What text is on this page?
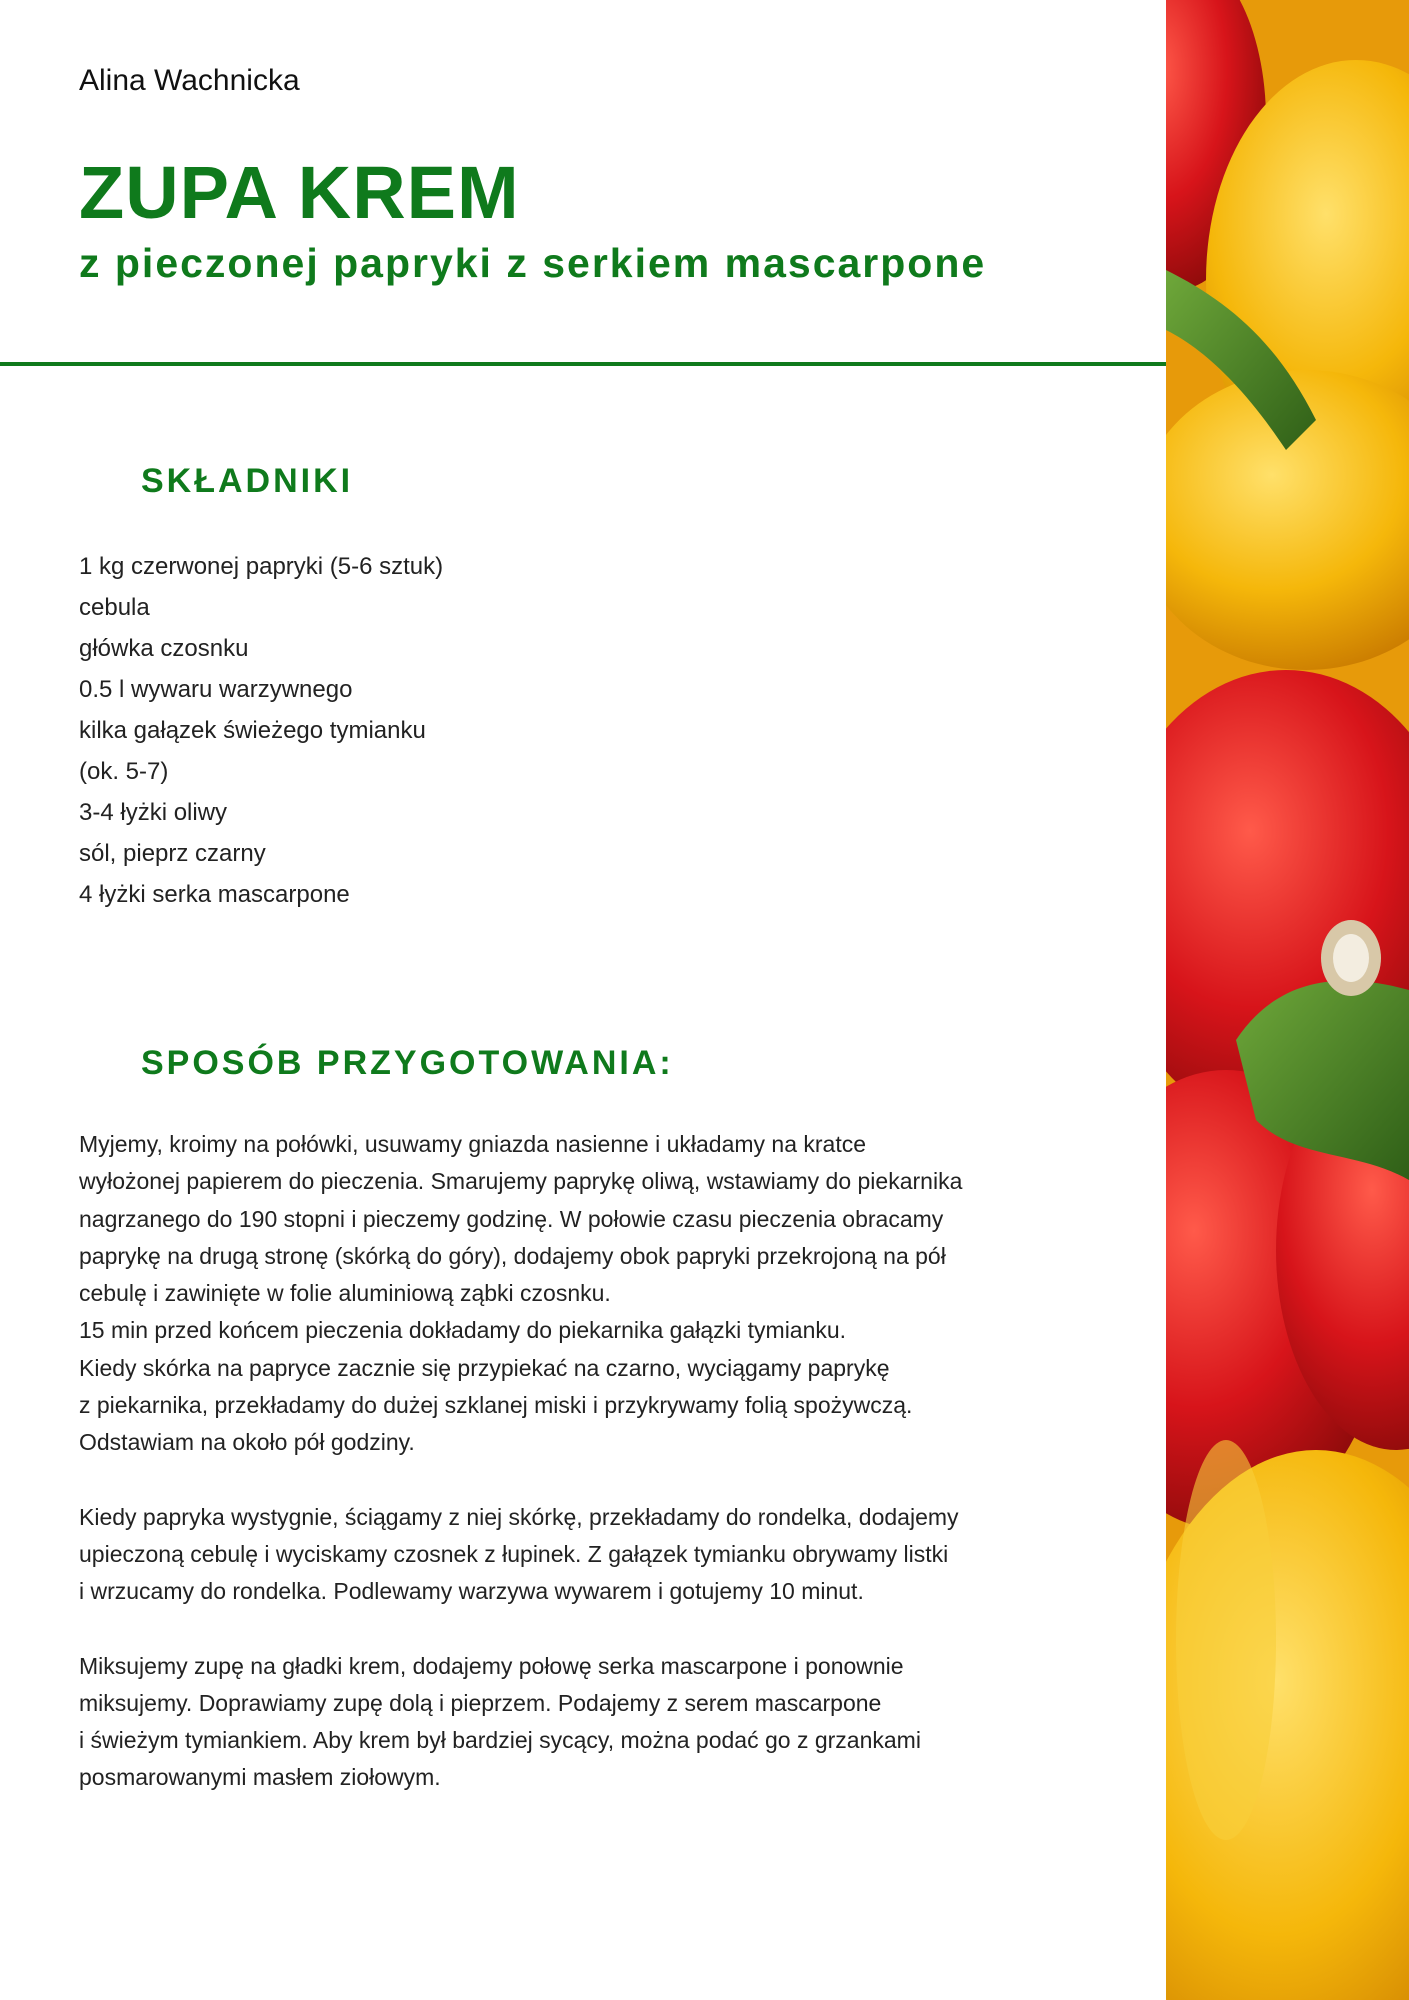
Alina Wachnicka
ZUPA KREM
z pieczonej papryki z serkiem mascarpone
SKŁADNIKI
1 kg czerwonej papryki (5-6 sztuk)
cebula
główka czosnku
0.5 l wywaru warzywnego
kilka gałązek świeżego tymianku
(ok. 5-7)
3-4 łyżki oliwy
sól, pieprz czarny
4 łyżki serka mascarpone
SPOSÓB PRZYGOTOWANIA:

Myjemy, kroimy na połówki, usuwamy gniazda nasienne i układamy na kratce
wyłożonej papierem do pieczenia. Smarujemy paprykę oliwą, wstawiamy do piekarnika
nagrzanego do 190 stopni i pieczemy godzinę. W połowie czasu pieczenia obracamy
paprykę na drugą stronę (skórką do góry), dodajemy obok papryki przekrojoną na pół
cebulę i zawinięte w folie aluminiową ząbki czosnku.
15 min przed końcem pieczenia dokładamy do piekarnika gałązki tymianku.
Kiedy skórka na papryce zacznie się przypiekać na czarno, wyciągamy paprykę
z piekarnika, przekładamy do dużej szklanej miski i przykrywamy folią spożywczą.
Odstawiam na około pół godziny.

Kiedy papryka wystygnie, ściągamy z niej skórkę, przekładamy do rondelka, dodajemy
upieczoną cebulę i wyciskamy czosnek z łupinek. Z gałązek tymianku obrywamy listki
i wrzucamy do rondelka. Podlewamy warzywa wywarem i gotujemy 10 minut.

Miksujemy zupę na gładki krem, dodajemy połowę serka mascarpone i ponownie
miksujemy. Doprawiamy zupę dolą i pieprzem. Podajemy z serem mascarpone
i świeżym tymiankiem. Aby krem był bardziej sycący, można podać go z grzankami
posmarowanymi masłem ziołowym.
